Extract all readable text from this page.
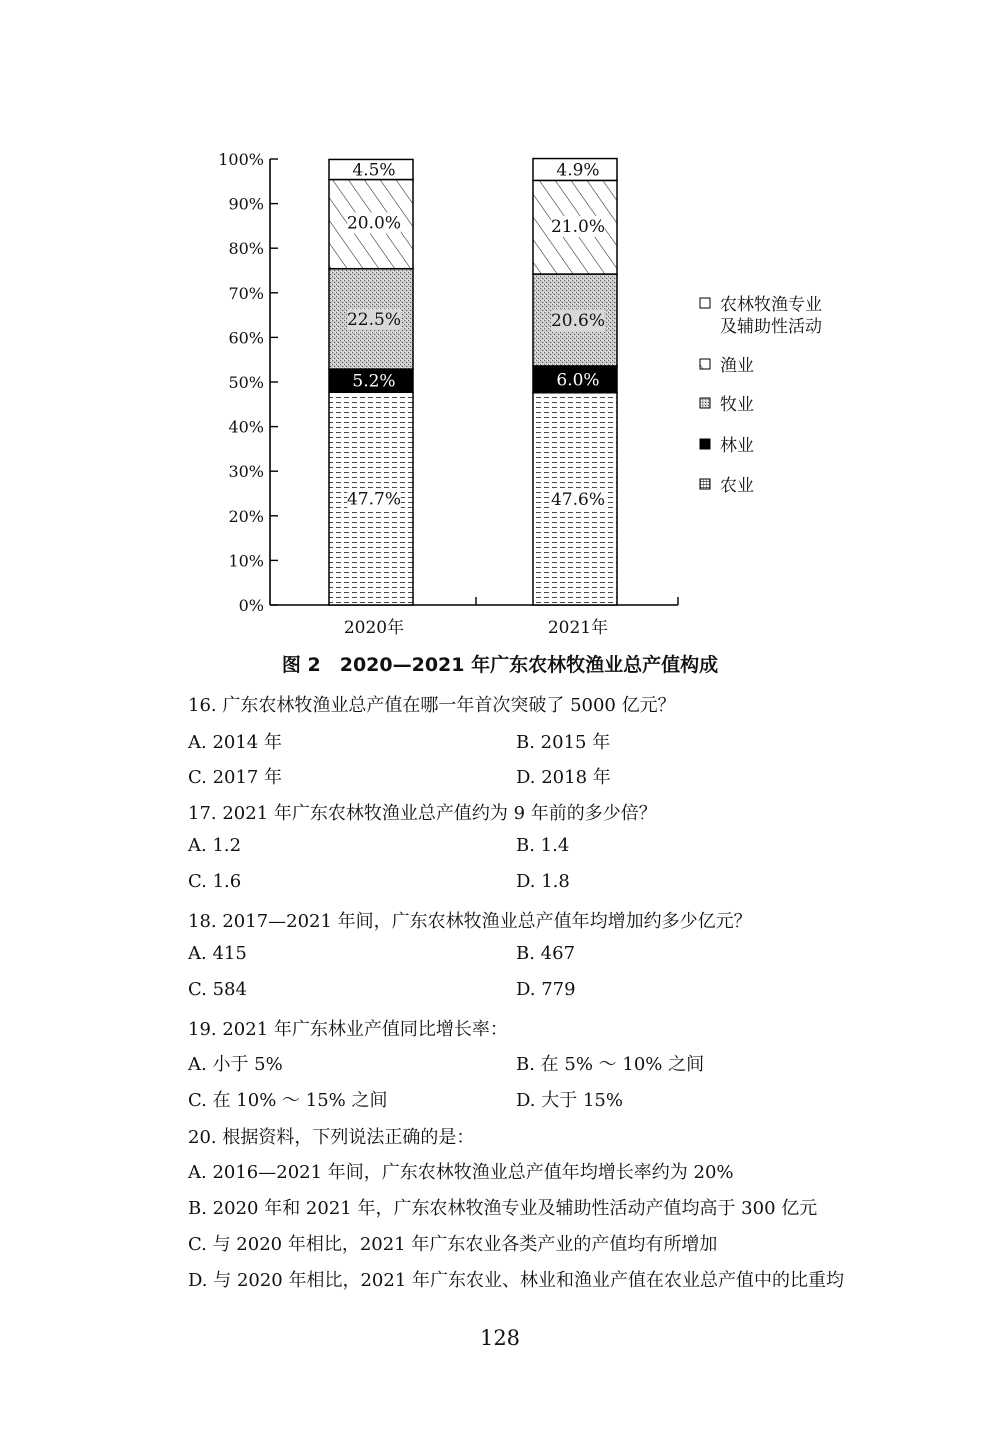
0%
10%
20%
30%
40%
50%
60%
70%
80%
90%
100%
2020年	2021年
47.7%
5.2%
22.5%
20.0%
4.5%
47.6%
6.0%
20.6%
21.0%
4.9%
农林牧渔专业
及辅助性活动
渔业
牧业
林业
农业
图 2　2020—2021 年广东农林牧渔业总产值构成
16. 广东农林牧渔业总产值在哪一年首次突破了 5000 亿元？
A. 2014 年	B. 2015 年
C. 2017 年	D. 2018 年
17. 2021 年广东农林牧渔业总产值约为 9 年前的多少倍？
A. 1.2	B. 1.4
C. 1.6	D. 1.8
18. 2017—2021 年间，广东农林牧渔业总产值年均增加约多少亿元？
A. 415	B. 467
C. 584	D. 779
19. 2021 年广东林业产值同比增长率：
A. 小于 5%	B. 在 5% ～ 10% 之间
C. 在 10% ～ 15% 之间	D. 大于 15%
20. 根据资料，下列说法正确的是：
A. 2016—2021 年间，广东农林牧渔业总产值年均增长率约为 20%
B. 2020 年和 2021 年，广东农林牧渔专业及辅助性活动产值均高于 300 亿元
C. 与 2020 年相比，2021 年广东农业各类产业的产值均有所增加
D. 与 2020 年相比，2021 年广东农业、林业和渔业产值在农业总产值中的比重均
128
